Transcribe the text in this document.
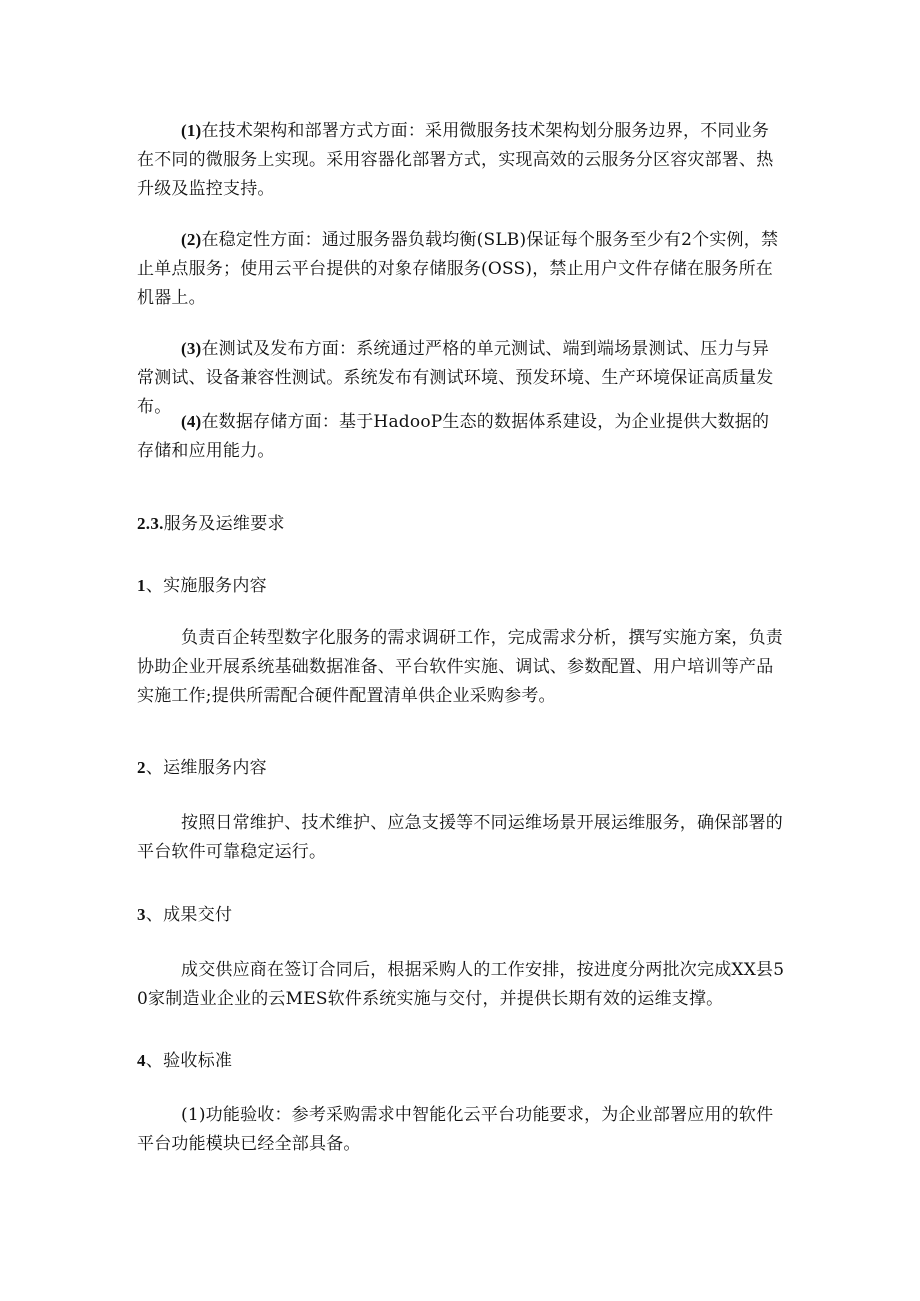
(1)在技术架构和部署方式方面：采用微服务技术架构划分服务边界，不同业务在不同的微服务上实现。采用容器化部署方式，实现高效的云服务分区容灾部署、热升级及监控支持。
(2)在稳定性方面：通过服务器负载均衡(SLB)保证每个服务至少有2个实例，禁止单点服务；使用云平台提供的对象存储服务(OSS)，禁止用户文件存储在服务所在机器上。
(3)在测试及发布方面：系统通过严格的单元测试、端到端场景测试、压力与异常测试、设备兼容性测试。系统发布有测试环境、预发环境、生产环境保证高质量发布。
(4)在数据存储方面：基于HadooP生态的数据体系建设，为企业提供大数据的存储和应用能力。
2.3.服务及运维要求
1、实施服务内容
负责百企转型数字化服务的需求调研工作，完成需求分析，撰写实施方案，负责协助企业开展系统基础数据准备、平台软件实施、调试、参数配置、用户培训等产品实施工作;提供所需配合硬件配置清单供企业采购参考。
2、运维服务内容
按照日常维护、技术维护、应急支援等不同运维场景开展运维服务，确保部署的平台软件可靠稳定运行。
3、成果交付
成交供应商在签订合同后，根据采购人的工作安排，按进度分两批次完成XX县50家制造业企业的云MES软件系统实施与交付，并提供长期有效的运维支撑。
4、验收标准
(1)功能验收：参考采购需求中智能化云平台功能要求，为企业部署应用的软件平台功能模块已经全部具备。
